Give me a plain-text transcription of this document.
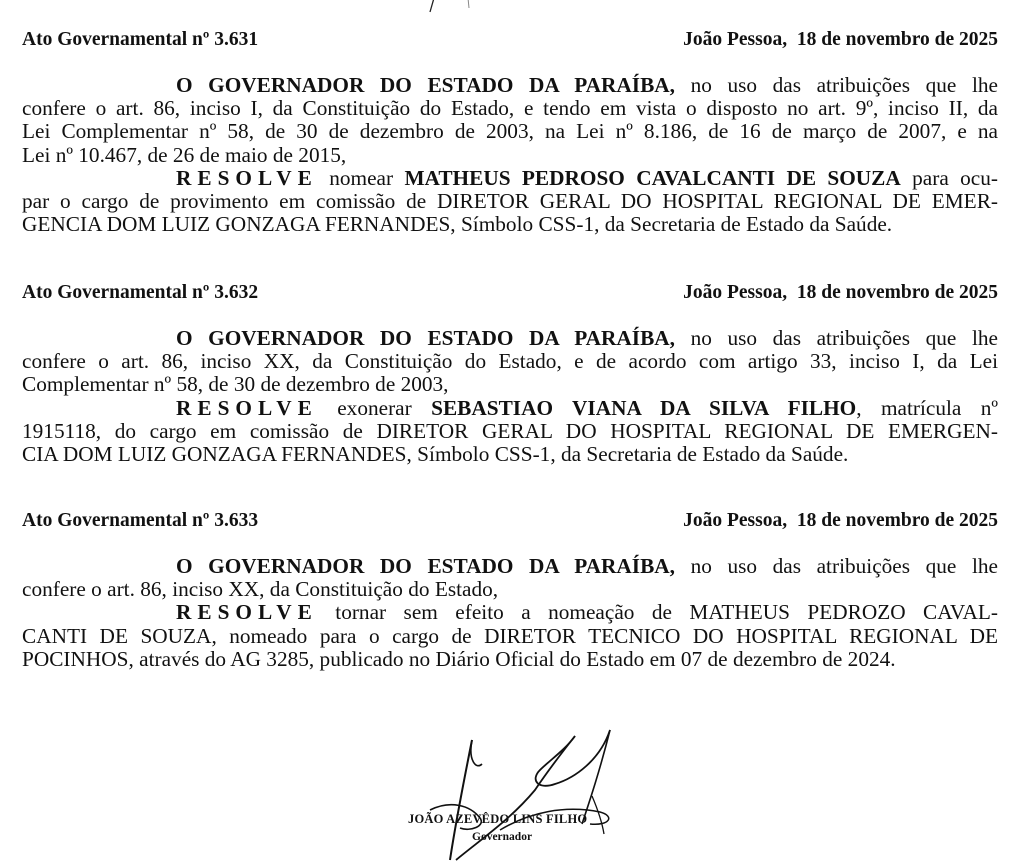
Ato Governamental nº 3.631	João Pessoa,  18 de novembro de 2025
O GOVERNADOR DO ESTADO DA PARAÍBA, no uso das atribuições que lhe
confere o art. 86, inciso I, da Constituição do Estado, e tendo em vista o disposto no art. 9º, inciso II, da
Lei Complementar nº 58, de 30 de dezembro de 2003, na Lei nº 8.186, de 16 de março de 2007, e na
Lei nº 10.467, de 26 de maio de 2015,
RESOLVE nomear MATHEUS PEDROSO CAVALCANTI DE SOUZA para ocu-
par o cargo de provimento em comissão de DIRETOR GERAL DO HOSPITAL REGIONAL DE EMER-
GENCIA DOM LUIZ GONZAGA FERNANDES, Símbolo CSS-1, da Secretaria de Estado da Saúde.
Ato Governamental nº 3.632	João Pessoa,  18 de novembro de 2025
O GOVERNADOR DO ESTADO DA PARAÍBA, no uso das atribuições que lhe
confere o art. 86, inciso XX, da Constituição do Estado, e de acordo com artigo 33, inciso I, da Lei
Complementar nº 58, de 30 de dezembro de 2003,
RESOLVE exonerar SEBASTIAO VIANA DA SILVA FILHO, matrícula nº
1915118, do cargo em comissão de DIRETOR GERAL DO HOSPITAL REGIONAL DE EMERGEN-
CIA DOM LUIZ GONZAGA FERNANDES, Símbolo CSS-1, da Secretaria de Estado da Saúde.
Ato Governamental nº 3.633	João Pessoa,  18 de novembro de 2025
O GOVERNADOR DO ESTADO DA PARAÍBA, no uso das atribuições que lhe
confere o art. 86, inciso XX, da Constituição do Estado,
RESOLVE tornar sem efeito a nomeação de MATHEUS PEDROZO CAVAL-
CANTI DE SOUZA, nomeado para o cargo de DIRETOR TECNICO DO HOSPITAL REGIONAL DE
POCINHOS, através do AG 3285, publicado no Diário Oficial do Estado em 07 de dezembro de 2024.
JOÃO AZEVÊDO LINS FILHO
Governador
